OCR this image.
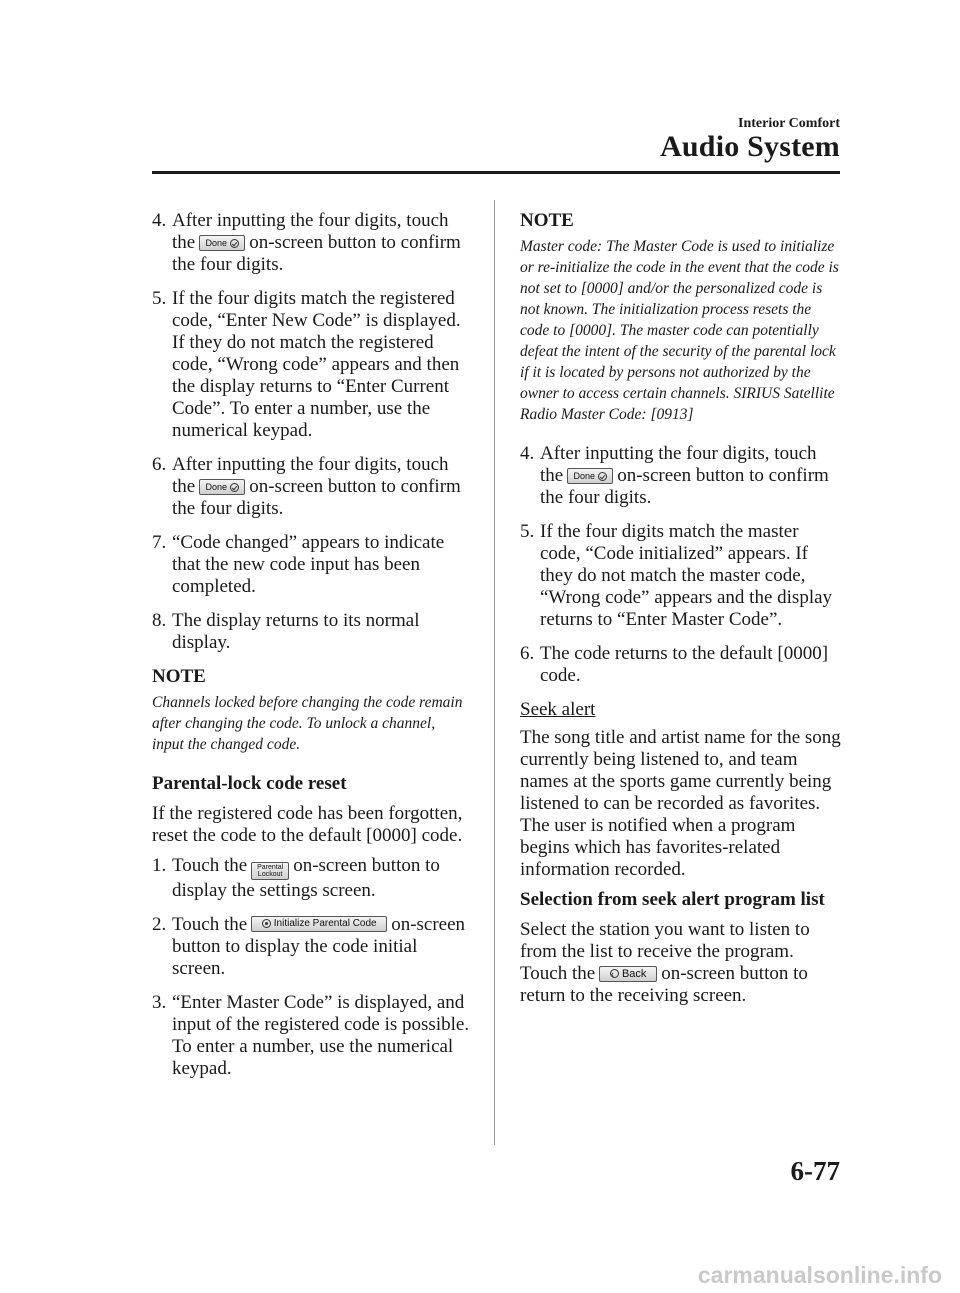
Interior Comfort
Audio System
4. After inputting the four digits, touch the Done on-screen button to confirm the four digits.
5. If the four digits match the registered code, “Enter New Code” is displayed. If they do not match the registered code, “Wrong code” appears and then the display returns to “Enter Current Code”. To enter a number, use the numerical keypad.
6. After inputting the four digits, touch the Done on-screen button to confirm the four digits.
7. “Code changed” appears to indicate that the new code input has been completed.
8. The display returns to its normal display.
NOTE
Channels locked before changing the code remain after changing the code. To unlock a channel, input the changed code.
Parental-lock code reset
If the registered code has been forgotten, reset the code to the default [0000] code.
1. Touch the Parental
Lockout on-screen button to display the settings screen.
2. Touch the	Initialize Parental Code on-screen button to display the code initial screen.
3. “Enter Master Code” is displayed, and input of the registered code is possible. To enter a number, use the numerical keypad.
NOTE
Master code: The Master Code is used to initialize or re-initialize the code in the event that the code is not set to [0000] and/or the personalized code is not known. The initialization process resets the code to [0000]. The master code can potentially defeat the intent of the security of the parental lock if it is located by persons not authorized by the owner to access certain channels. SIRIUS Satellite Radio Master Code: [0913]
4. After inputting the four digits, touch the Done on-screen button to confirm the four digits.
5. If the four digits match the master code, “Code initialized” appears. If they do not match the master code, “Wrong code” appears and the display returns to “Enter Master Code”.
6. The code returns to the default [0000] code.
Seek alert
The song title and artist name for the song currently being listened to, and team names at the sports game currently being listened to can be recorded as favorites. The user is notified when a program begins which has favorites-related information recorded.
Selection from seek alert program list
Select the station you want to listen to from the list to receive the program. Touch the ‹ Back on-screen button to return to the receiving screen.
6-77
carmanualsonline.info
